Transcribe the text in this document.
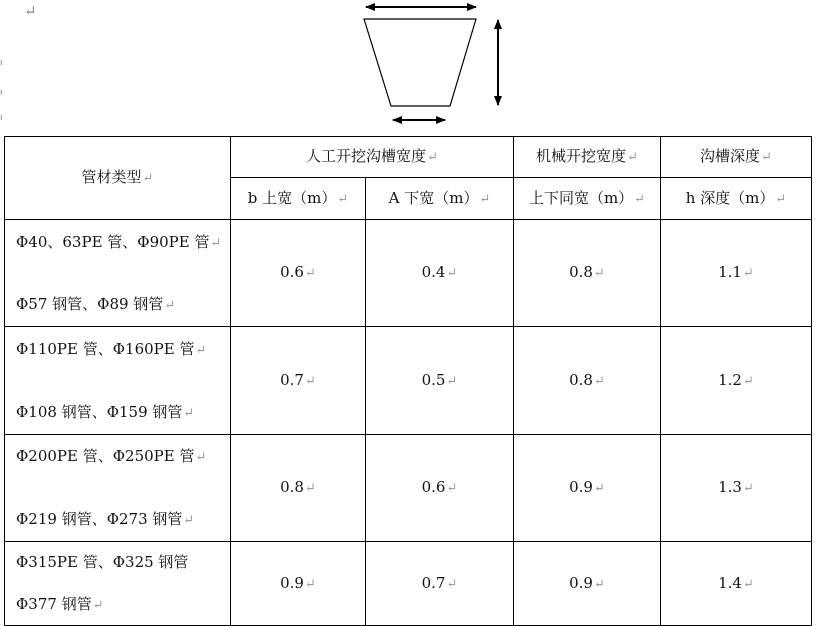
↵
ı
ı
ı
管材类型↵	人工开挖沟槽宽度↵		机械开挖宽度↵	沟槽深度↵
	b 上宽（m）↵	A 下宽（m）↵	上下同宽（m）↵	h 深度（m）↵

Φ40、63PE 管、Φ90PE 管↵
Φ57 钢管、Φ89 钢管↵	0.6↵	0.4↵	0.8↵	1.1↵

Φ110PE 管、Φ160PE 管↵
Φ108 钢管、Φ159 钢管↵	0.7↵	0.5↵	0.8↵	1.2↵

Φ200PE 管、Φ250PE 管↵
Φ219 钢管、Φ273 钢管↵	0.8↵	0.6↵	0.9↵	1.3↵

Φ315PE 管、Φ325 钢管
Φ377 钢管↵	0.9↵	0.7↵	0.9↵	1.4↵
